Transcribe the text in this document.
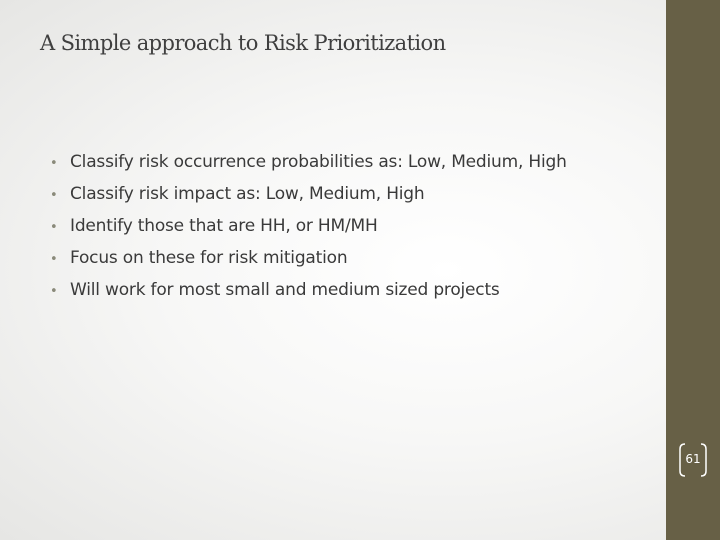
A Simple approach to Risk Prioritization
• Classify risk occurrence probabilities as: Low, Medium, High
• Classify risk impact as: Low, Medium, High
• Identify those that are HH, or HM/MH
• Focus on these for risk mitigation
• Will work for most small and medium sized projects
61
